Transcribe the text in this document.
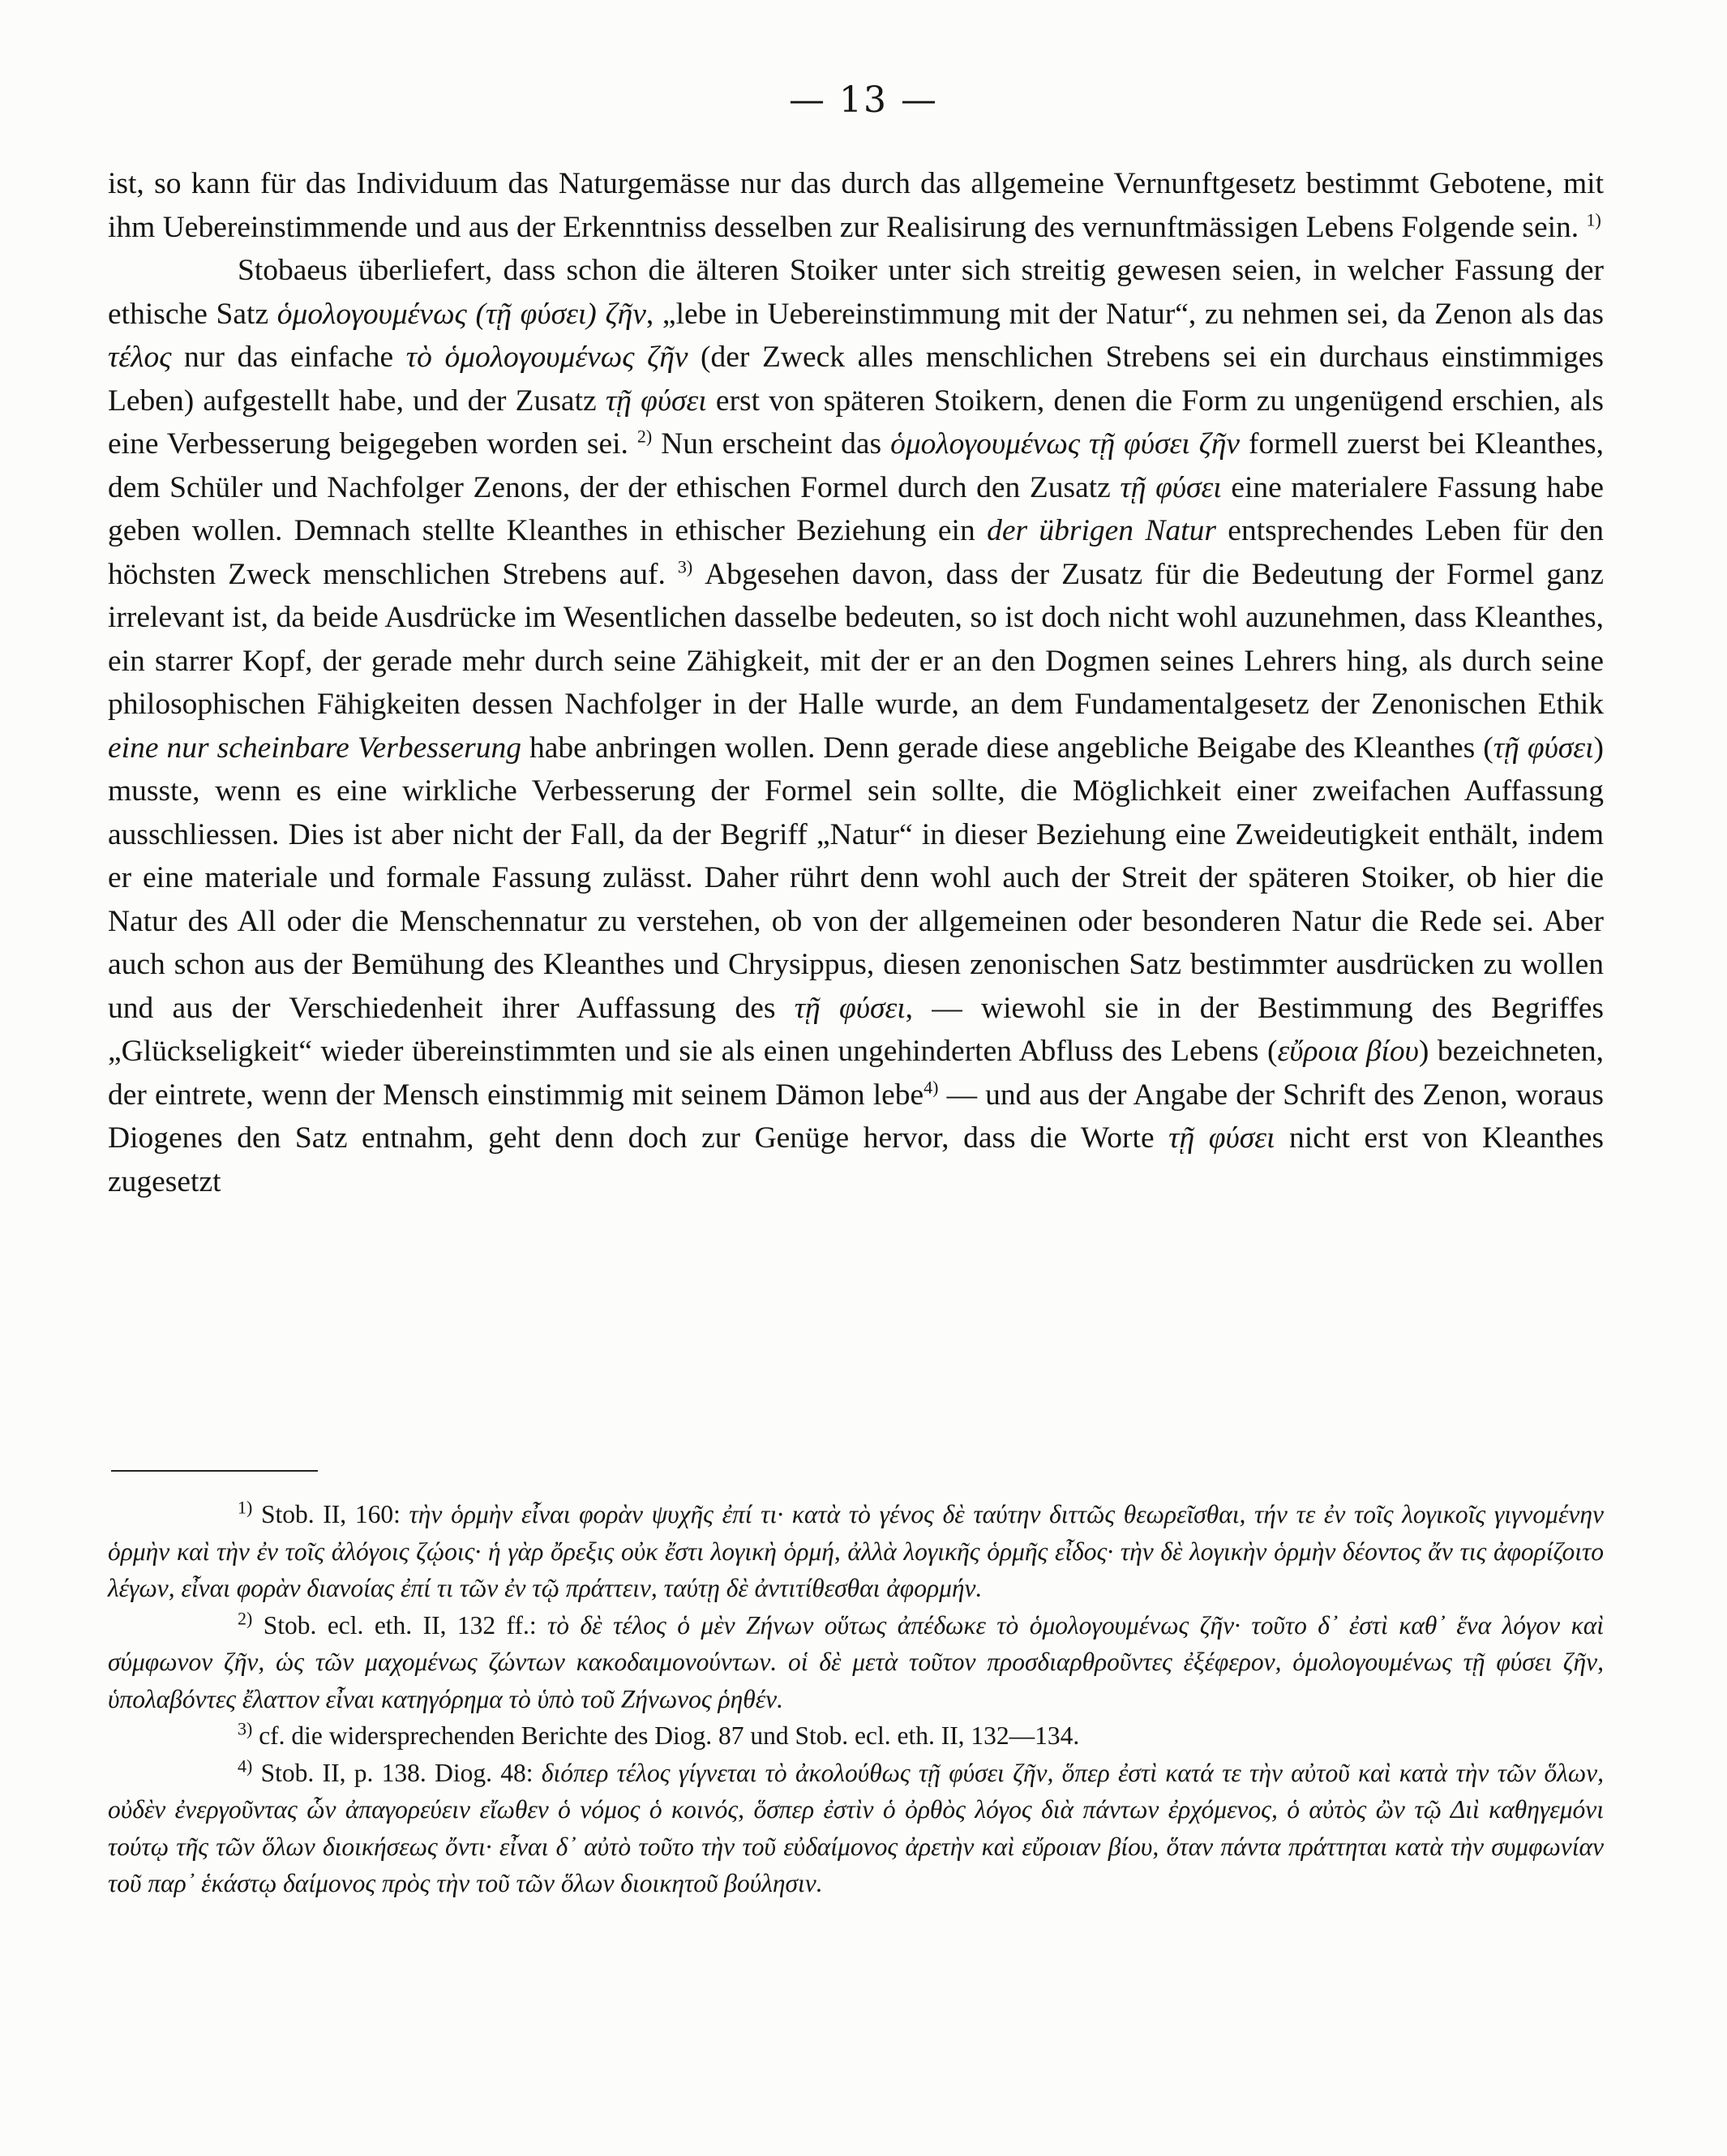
— 13 —

ist, so kann für das Individuum das Naturgemässe nur das durch das allgemeine Vernunftgesetz bestimmt Gebotene, mit ihm Uebereinstimmende und aus der Erkenntniss desselben zur Realisirung des vernunftmässigen Lebens Folgende sein. $^{1)}$

Stobaeus überliefert, dass schon die älteren Stoiker unter sich streitig gewesen seien, in welcher Fassung der ethische Satz ὁμολογουμένως (τῇ φύσει) ζῆν, „lebe in Uebereinstimmung mit der Natur“, zu nehmen sei, da Zenon als das τέλος nur das einfache τὸ ὁμολογουμένως ζῆν (der Zweck alles menschlichen Strebens sei ein durchaus einstimmiges Leben) aufgestellt habe, und der Zusatz τῇ φύσει erst von späteren Stoikern, denen die Form zu ungenügend erschien, als eine Verbesserung beigegeben worden sei. $^{2)}$ Nun erscheint das ὁμολογουμένως τῇ φύσει ζῆν formell zuerst bei Kleanthes, dem Schüler und Nachfolger Zenons, der der ethischen Formel durch den Zusatz τῇ φύσει eine materialere Fassung habe geben wollen. Demnach stellte Kleanthes in ethischer Beziehung ein der übrigen Natur entsprechendes Leben für den höchsten Zweck menschlichen Strebens auf. $^{3)}$ Abgesehen davon, dass der Zusatz für die Bedeutung der Formel ganz irrelevant ist, da beide Ausdrücke im Wesentlichen dasselbe bedeuten, so ist doch nicht wohl auzunehmen, dass Kleanthes, ein starrer Kopf, der gerade mehr durch seine Zähigkeit, mit der er an den Dogmen seines Lehrers hing, als durch seine philosophischen Fähigkeiten dessen Nachfolger in der Halle wurde, an dem Fundamentalgesetz der Zenonischen Ethik eine nur scheinbare Verbesserung habe anbringen wollen. Denn gerade diese angebliche Beigabe des Kleanthes (τῇ φύσει) musste, wenn es eine wirkliche Verbesserung der Formel sein sollte, die Möglichkeit einer zweifachen Auffassung ausschliessen. Dies ist aber nicht der Fall, da der Begriff „Natur“ in dieser Beziehung eine Zweideutigkeit enthält, indem er eine materiale und formale Fassung zulässt. Daher rührt denn wohl auch der Streit der späteren Stoiker, ob hier die Natur des All oder die Menschennatur zu verstehen, ob von der allgemeinen oder besonderen Natur die Rede sei. Aber auch schon aus der Bemühung des Kleanthes und Chrysippus, diesen zenonischen Satz bestimmter ausdrücken zu wollen und aus der Verschiedenheit ihrer Auffassung des τῇ φύσει, — wiewohl sie in der Bestimmung des Begriffes „Glückseligkeit“ wieder übereinstimmten und sie als einen ungehinderten Abfluss des Lebens (εὔροια βίου) bezeichneten, der eintrete, wenn der Mensch einstimmig mit seinem Dämon lebe$^{4)}$ — und aus der Angabe der Schrift des Zenon, woraus Diogenes den Satz entnahm, geht denn doch zur Genüge hervor, dass die Worte τῇ φύσει nicht erst von Kleanthes zugesetzt

$^{1)}$ Stob. II, 160: τὴν ὁρμὴν εἶναι φορὰν ψυχῆς ἐπί τι· κατὰ τὸ γένος δὲ ταύτην διττῶς θεωρεῖσθαι, τήν τε ἐν τοῖς λογικοῖς γιγνομένην ὁρμὴν καὶ τὴν ἐν τοῖς ἀλόγοις ζῴοις· ἡ γὰρ ὄρεξις οὐκ ἔστι λογικὴ ὁρμή, ἀλλὰ λογικῆς ὁρμῆς εἶδος· τὴν δὲ λογικὴν ὁρμὴν δέοντος ἄν τις ἀφορίζοιτο λέγων, εἶναι φορὰν διανοίας ἐπί τι τῶν ἐν τῷ πράττειν, ταύτῃ δὲ ἀντιτίθεσθαι ἀφορμήν.

$^{2)}$ Stob. ecl. eth. II, 132 ff.: τὸ δὲ τέλος ὁ μὲν Ζήνων οὕτως ἀπέδωκε τὸ ὁμολογουμένως ζῆν· τοῦτο δ᾽ ἐστὶ καθ᾽ ἕνα λόγον καὶ σύμφωνον ζῆν, ὡς τῶν μαχομένως ζώντων κακοδαιμονούντων. οἱ δὲ μετὰ τοῦτον προσδιαρθροῦντες ἐξέφερον, ὁμολογουμένως τῇ φύσει ζῆν, ὑπολαβόντες ἔλαττον εἶναι κατηγόρημα τὸ ὑπὸ τοῦ Ζήνωνος ῥηθέν.

$^{3)}$ cf. die widersprechenden Berichte des Diog. 87 und Stob. ecl. eth. II, 132—134.

$^{4)}$ Stob. II, p. 138. Diog. 48: διόπερ τέλος γίγνεται τὸ ἀκολούθως τῇ φύσει ζῆν, ὅπερ ἐστὶ κατά τε τὴν αὐτοῦ καὶ κατὰ τὴν τῶν ὅλων, οὐδὲν ἐνεργοῦντας ὧν ἀπαγορεύειν εἴωθεν ὁ νόμος ὁ κοινός, ὅσπερ ἐστὶν ὁ ὀρθὸς λόγος διὰ πάντων ἐρχόμενος, ὁ αὐτὸς ὢν τῷ Διὶ καθηγεμόνι τούτῳ τῆς τῶν ὅλων διοικήσεως ὄντι· εἶναι δ᾽ αὐτὸ τοῦτο τὴν τοῦ εὐδαίμονος ἀρετὴν καὶ εὔροιαν βίου, ὅταν πάντα πράττηται κατὰ τὴν συμφωνίαν τοῦ παρ᾽ ἑκάστῳ δαίμονος πρὸς τὴν τοῦ τῶν ὅλων διοικητοῦ βούλησιν.
